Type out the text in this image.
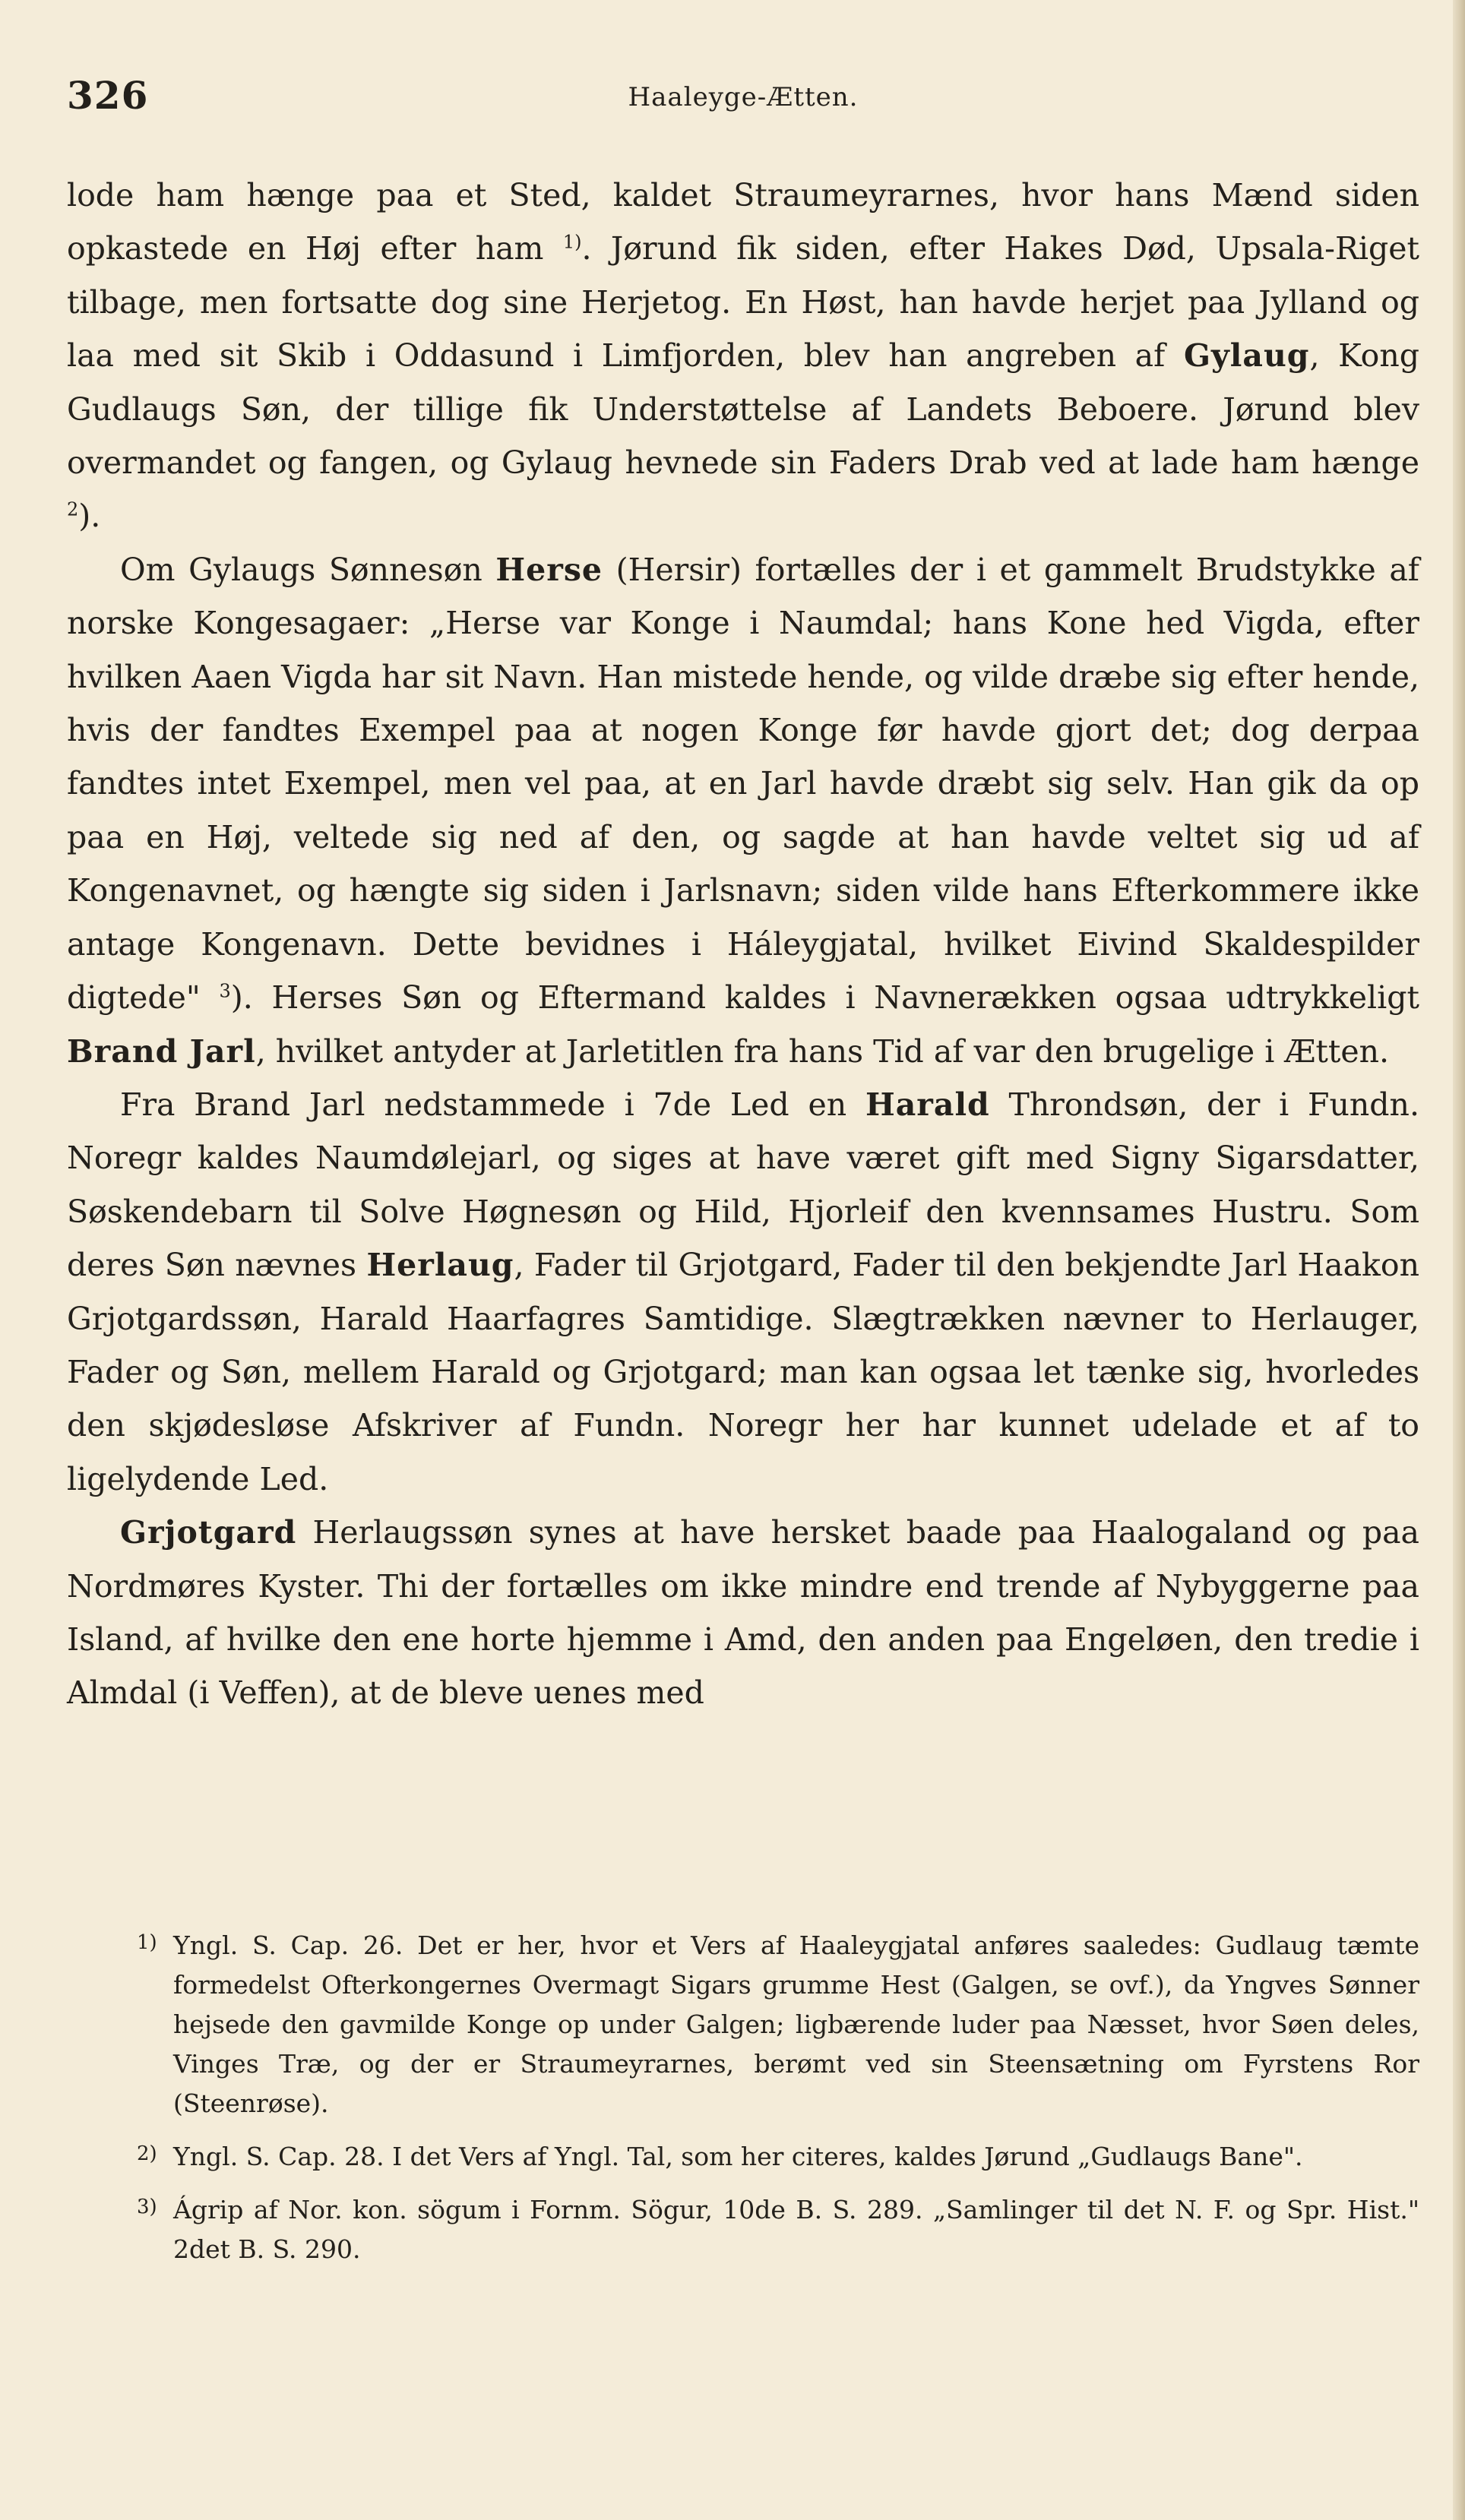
326	Haaleyge-Ætten.

lode ham hænge paa et Sted, kaldet Straumeyrarnes, hvor hans Mænd siden opkastede en Høj efter ham $^{1)}$. Jørund fik siden, efter Hakes Død, Upsala-Riget tilbage, men fortsatte dog sine Herjetog. En Høst, han havde herjet paa Jylland og laa med sit Skib i Oddasund i Limfjorden, blev han angreben af Gylaug, Kong Gudlaugs Søn, der tillige fik Understøttelse af Landets Beboere. Jørund blev overmandet og fangen, og Gylaug hevnede sin Faders Drab ved at lade ham hænge $^2$).

Om Gylaugs Sønnesøn Herse (Hersir) fortælles der i et gammelt Brudstykke af norske Kongesagaer: „Herse var Konge i Naumdal; hans Kone hed Vigda, efter hvilken Aaen Vigda har sit Navn. Han mistede hende, og vilde dræbe sig efter hende, hvis der fandtes Exempel paa at nogen Konge før havde gjort det; dog derpaa fandtes intet Exempel, men vel paa, at en Jarl havde dræbt sig selv. Han gik da op paa en Høj, veltede sig ned af den, og sagde at han havde veltet sig ud af Kongenavnet, og hængte sig siden i Jarlsnavn; siden vilde hans Efterkommere ikke antage Kongenavn. Dette bevidnes i Háleygjatal, hvilket Eivind Skaldespilder digtede" $^3$). Herses Søn og Eftermand kaldes i Navnerækken ogsaa udtrykkeligt Brand Jarl, hvilket antyder at Jarletitlen fra hans Tid af var den brugelige i Ætten.

Fra Brand Jarl nedstammede i 7de Led en Harald Throndsøn, der i Fundn. Noregr kaldes Naumdølejarl, og siges at have været gift med Signy Sigarsdatter, Søskendebarn til Solve Høgnesøn og Hild, Hjorleif den kvennsames Hustru. Som deres Søn nævnes Herlaug, Fader til Grjotgard, Fader til den bekjendte Jarl Haakon Grjotgardssøn, Harald Haarfagres Samtidige. Slægtrækken nævner to Herlauger, Fader og Søn, mellem Harald og Grjotgard; man kan ogsaa let tænke sig, hvorledes den skjødesløse Afskriver af Fundn. Noregr her har kunnet udelade et af to ligelydende Led.

Grjotgard Herlaugssøn synes at have hersket baade paa Haalogaland og paa Nordmøres Kyster. Thi der fortælles om ikke mindre end trende af Nybyggerne paa Island, af hvilke den ene horte hjemme i Amd, den anden paa Engeløen, den tredie i Almdal (i Veffen), at de bleve uenes med

1) Yngl. S. Cap. 26. Det er her, hvor et Vers af Haaleygjatal anføres saaledes: Gudlaug tæmte formedelst Ofterkongernes Overmagt Sigars grumme Hest (Galgen, se ovf.), da Yngves Sønner hejsede den gavmilde Konge op under Galgen; ligbærende luder paa Næsset, hvor Søen deles, Vinges Træ, og der er Straumeyrarnes, berømt ved sin Steensætning om Fyrstens Ror (Steenrøse).
2) Yngl. S. Cap. 28. I det Vers af Yngl. Tal, som her citeres, kaldes Jørund „Gudlaugs Bane".
3) Ágrip af Nor. kon. sögum i Fornm. Sögur, 10de B. S. 289. „Samlinger til det N. F. og Spr. Hist." 2det B. S. 290.
